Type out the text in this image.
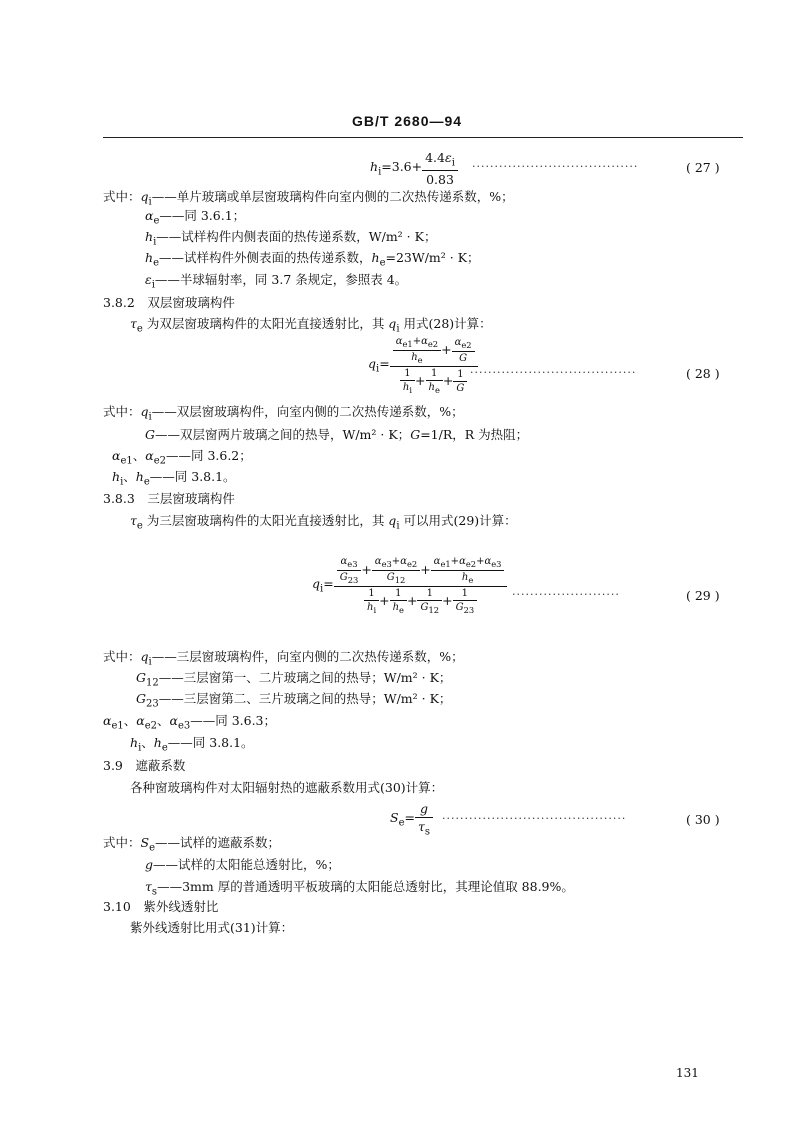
GB/T 2680—94
$h_i=3.6+ \frac{4.4\varepsilon_i}{0.83}$ ·····································	( 27 )
式中：$q_i——$单片玻璃或单层窗玻璃构件向室内侧的二次热传递系数，%；
$\alpha_e——$同 3.6.1；
$h_i——$试样构件内侧表面的热传递系数，W/m² · K；
$h_e——$试样构件外侧表面的热传递系数，$h_e=23W/m^2 \cdot K$；
$\varepsilon_i——$半球辐射率，同 3.7 条规定，参照表 4。
3.8.2　 双层窗玻璃构件
$\tau_e$ 为双层窗玻璃构件的太阳光直接透射比，其 $q_i$ 用式(28)计算：
$q_i= \frac{\frac{\alpha_{e1}+\alpha_{e2}}{h_e} + \frac{\alpha_{e2}}{G}}{\frac{1}{h_i} + \frac{1}{h_e} + \frac{1}{G}}$
·····································	( 28 )
式中：$q_i——$双层窗玻璃构件，向室内侧的二次热传递系数，%；
G——双层窗两片玻璃之间的热导，W/m² · K；G=1/R，R 为热阻；
$\alpha_{e1}$、$\alpha_{e2}——$同 3.6.2；
$h_i$、$h_e——$同 3.8.1。
3.8.3　 三层窗玻璃构件
$\tau_e$ 为三层窗玻璃构件的太阳光直接透射比，其 $q_i$ 可以用式(29)计算：
$q_i= \frac{\frac{\alpha_{e3}}{G_{23}} + \frac{\alpha_{e3}+\alpha_{e2}}{G_{12}} + \frac{\alpha_{e1}+\alpha_{e2}+\alpha_{e3}}{h_e}}{\frac{1}{h_i} + \frac{1}{h_e} + \frac{1}{G_{12}} + \frac{1}{G_{23}}}$ ························	( 29 )
式中：$q_i——$三层窗玻璃构件，向室内侧的二次热传递系数，%；
$G_{12}——$三层窗第一、二片玻璃之间的热导；W/m² · K；
$G_{23}——$三层窗第二、三片玻璃之间的热导；W/m² · K；
$\alpha_{e1}$、$\alpha_{e2}$、$\alpha_{e3}——$同 3.6.3；
$h_i$、$h_e——$同 3.8.1。
3.9　 遮蔽系数
各种窗玻璃构件对太阳辐射热的遮蔽系数用式(30)计算：
$S_e= \frac{g}{\tau_s}$ ·········································	( 30 )
式中：$S_e——$试样的遮蔽系数；
g——试样的太阳能总透射比，%；
$\tau_s——3mm$ 厚的普通透明平板玻璃的太阳能总透射比，其理论值取 88.9%。
3.10　 紫外线透射比
紫外线透射比用式(31)计算：
131
